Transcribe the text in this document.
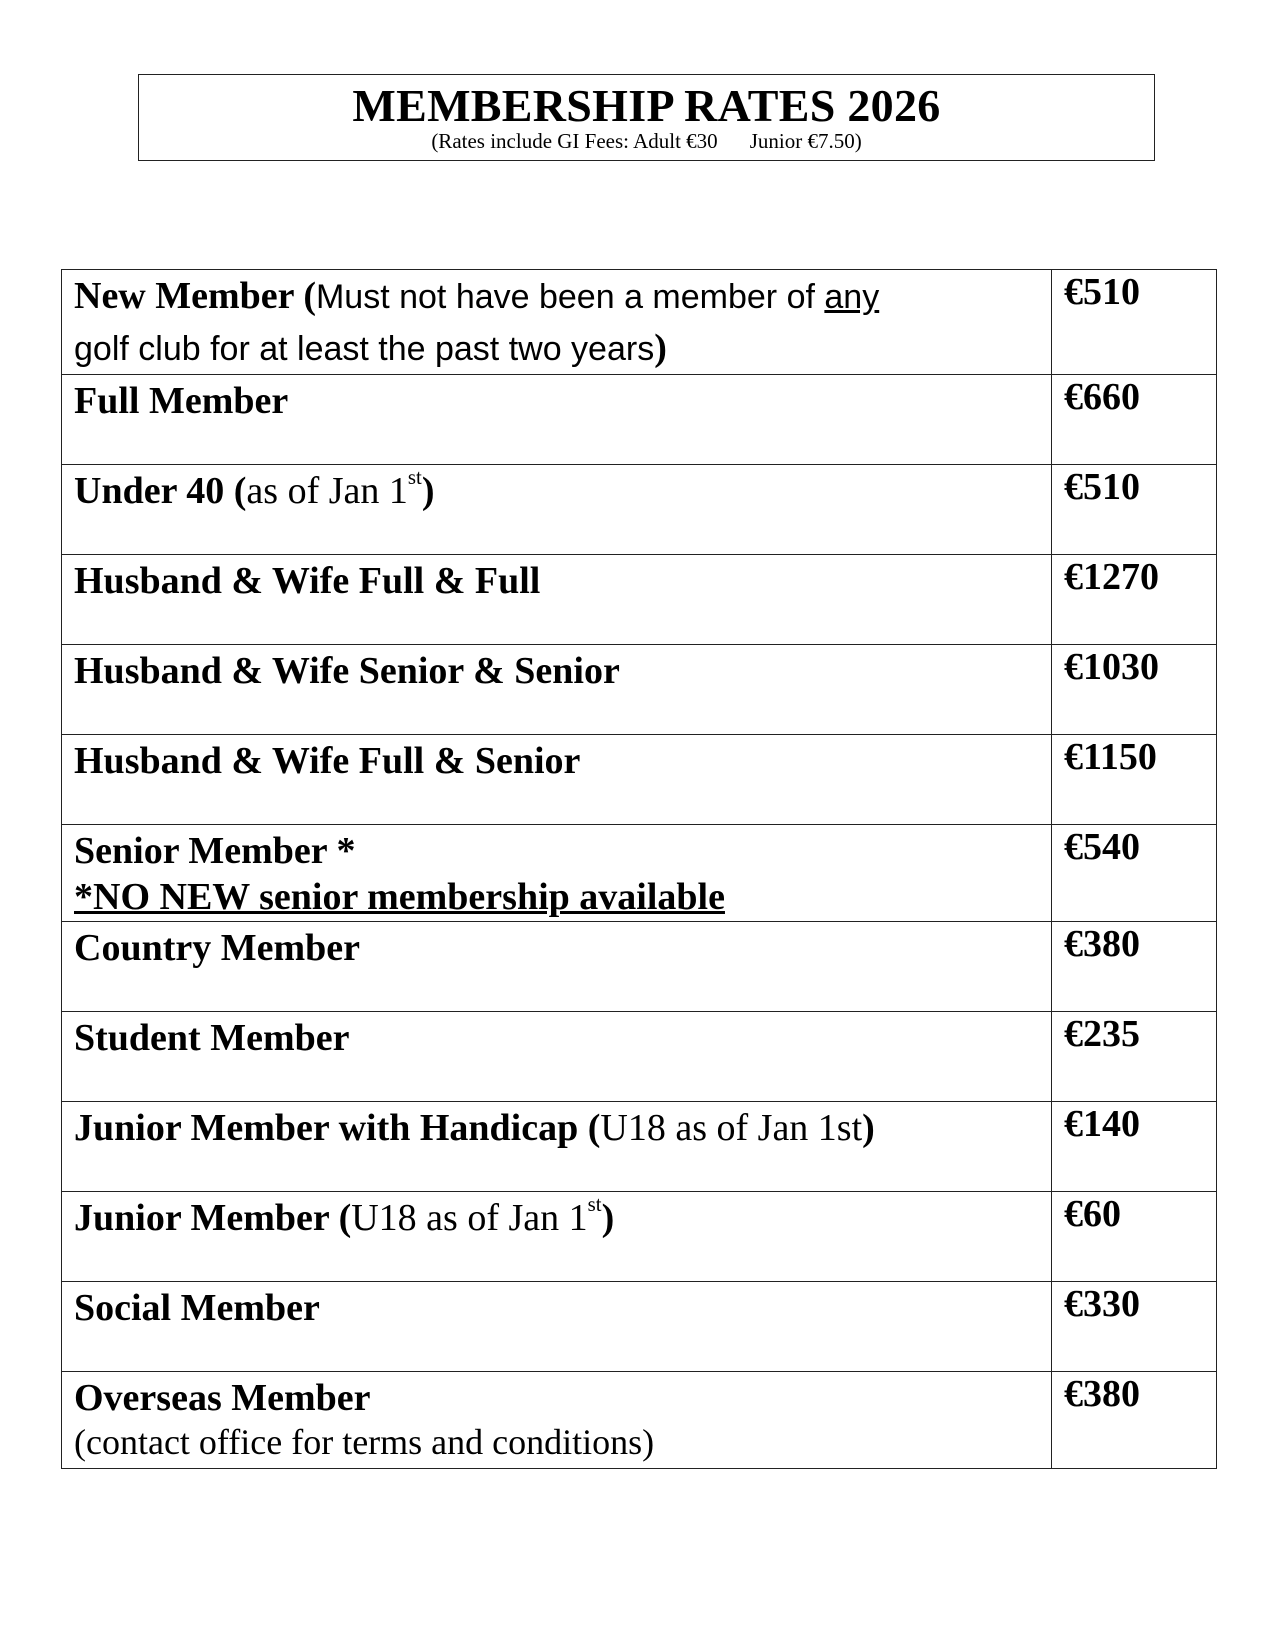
MEMBERSHIP RATES 2026
(Rates include GI Fees: Adult €30 Junior €7.50)
New Member (Must not have been a member of any
golf club for at least the past two years)	€510

Full Member	€660

Under 40 (as of Jan 1st)	€510

Husband & Wife Full & Full	€1270

Husband & Wife Senior & Senior	€1030

Husband & Wife Full & Senior	€1150

Senior Member *
*NO NEW senior membership available	€540

Country Member	€380

Student Member	€235

Junior Member with Handicap (U18 as of Jan 1st)	€140

Junior Member (U18 as of Jan 1st)	€60

Social Member	€330

Overseas Member
(contact office for terms and conditions)	€380
